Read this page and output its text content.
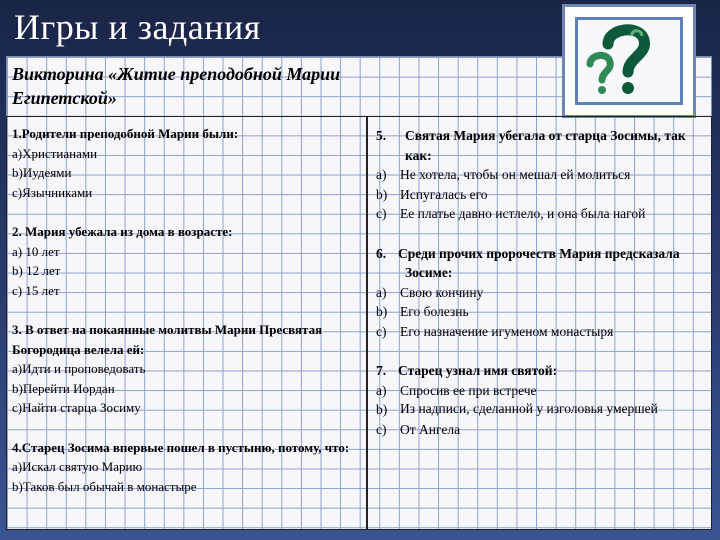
Игры и задания
Викторина «Житие преподобной Марии Египетской»
1.Родители преподобной Марии были:
a)Христианами
b)Иудеями
c)Язычниками
2. Мария убежала из дома в возрасте:
a) 10 лет
b) 12 лет
c) 15 лет
3. В ответ на покаянные молитвы Марии Пресвятая Богородица велела ей:
a)Идти и проповедовать
b)Перейти Иордан
c)Найти старца Зосиму
4.Старец Зосима впервые пошел в пустыню, потому, что:
a)Искал святую Марию
b)Таков был обычай в монастыре
5. Святая Мария убегала от старца Зосимы, так как:
a)	Не хотела, чтобы он мешал ей молиться
b) Испугалась его
c)	Ее платье давно истлело, и она была нагой
6. Среди прочих пророчеств Мария предсказала Зосиме:
a)	Свою кончину
b) Его болезнь
c)	Его назначение игуменом монастыря
7. Старец узнал имя святой:
a)	Спросив ее при встрече
b) Из надписи, сделанной у изголовья умершей
c)	От Ангела
